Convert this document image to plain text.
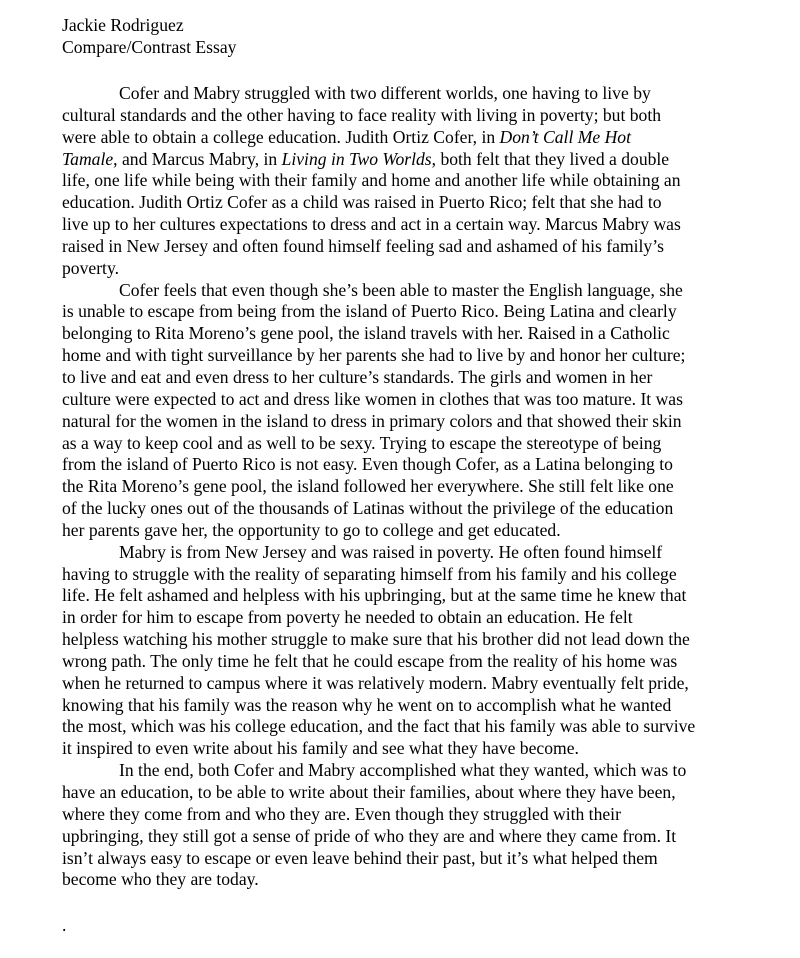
Jackie Rodriguez
Compare/Contrast Essay
Cofer and Mabry struggled with two different worlds, one having to live by
cultural standards and the other having to face reality with living in poverty; but both
were able to obtain a college education. Judith Ortiz Cofer, in Don’t Call Me Hot
Tamale, and Marcus Mabry, in Living in Two Worlds, both felt that they lived a double
life, one life while being with their family and home and another life while obtaining an
education. Judith Ortiz Cofer as a child was raised in Puerto Rico; felt that she had to
live up to her cultures expectations to dress and act in a certain way. Marcus Mabry was
raised in New Jersey and often found himself feeling sad and ashamed of his family’s
poverty.
Cofer feels that even though she’s been able to master the English language, she
is unable to escape from being from the island of Puerto Rico. Being Latina and clearly
belonging to Rita Moreno’s gene pool, the island travels with her. Raised in a Catholic
home and with tight surveillance by her parents she had to live by and honor her culture;
to live and eat and even dress to her culture’s standards. The girls and women in her
culture were expected to act and dress like women in clothes that was too mature. It was
natural for the women in the island to dress in primary colors and that showed their skin
as a way to keep cool and as well to be sexy. Trying to escape the stereotype of being
from the island of Puerto Rico is not easy. Even though Cofer, as a Latina belonging to
the Rita Moreno’s gene pool, the island followed her everywhere. She still felt like one
of the lucky ones out of the thousands of Latinas without the privilege of the education
her parents gave her, the opportunity to go to college and get educated.
Mabry is from New Jersey and was raised in poverty. He often found himself
having to struggle with the reality of separating himself from his family and his college
life. He felt ashamed and helpless with his upbringing, but at the same time he knew that
in order for him to escape from poverty he needed to obtain an education. He felt
helpless watching his mother struggle to make sure that his brother did not lead down the
wrong path. The only time he felt that he could escape from the reality of his home was
when he returned to campus where it was relatively modern. Mabry eventually felt pride,
knowing that his family was the reason why he went on to accomplish what he wanted
the most, which was his college education, and the fact that his family was able to survive
it inspired to even write about his family and see what they have become.
In the end, both Cofer and Mabry accomplished what they wanted, which was to
have an education, to be able to write about their families, about where they have been,
where they come from and who they are. Even though they struggled with their
upbringing, they still got a sense of pride of who they are and where they came from. It
isn’t always easy to escape or even leave behind their past, but it’s what helped them
become who they are today.
.
